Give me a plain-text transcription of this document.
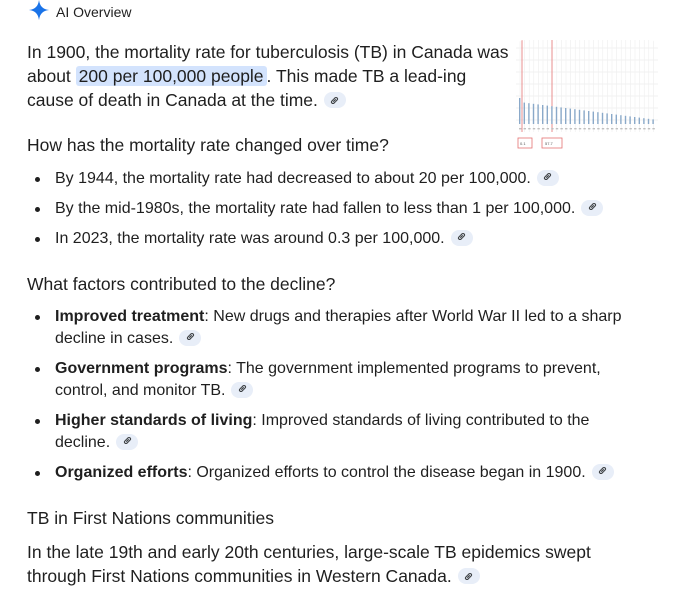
AI Overview
In 1900, the mortality rate for tuberculosis (TB) in Canada was about 200 per 100,000 people . This made TB a lead-ing cause of death in Canada at the time.
0.1	57.7
How has the mortality rate changed over time?
By 1944, the mortality rate had decreased to about 20 per 100,000.
By the mid-1980s, the mortality rate had fallen to less than 1 per 100,000.
In 2023, the mortality rate was around 0.3 per 100,000.
What factors contributed to the decline?
Improved treatment: New drugs and therapies after World War II led to a sharp decline in cases.
Government programs: The government implemented programs to prevent, control, and monitor TB.
Higher standards of living: Improved standards of living contributed to the decline.
Organized efforts: Organized efforts to control the disease began in 1900.
TB in First Nations communities
In the late 19th and early 20th centuries, large-scale TB epidemics swept through First Nations communities in Western Canada.
